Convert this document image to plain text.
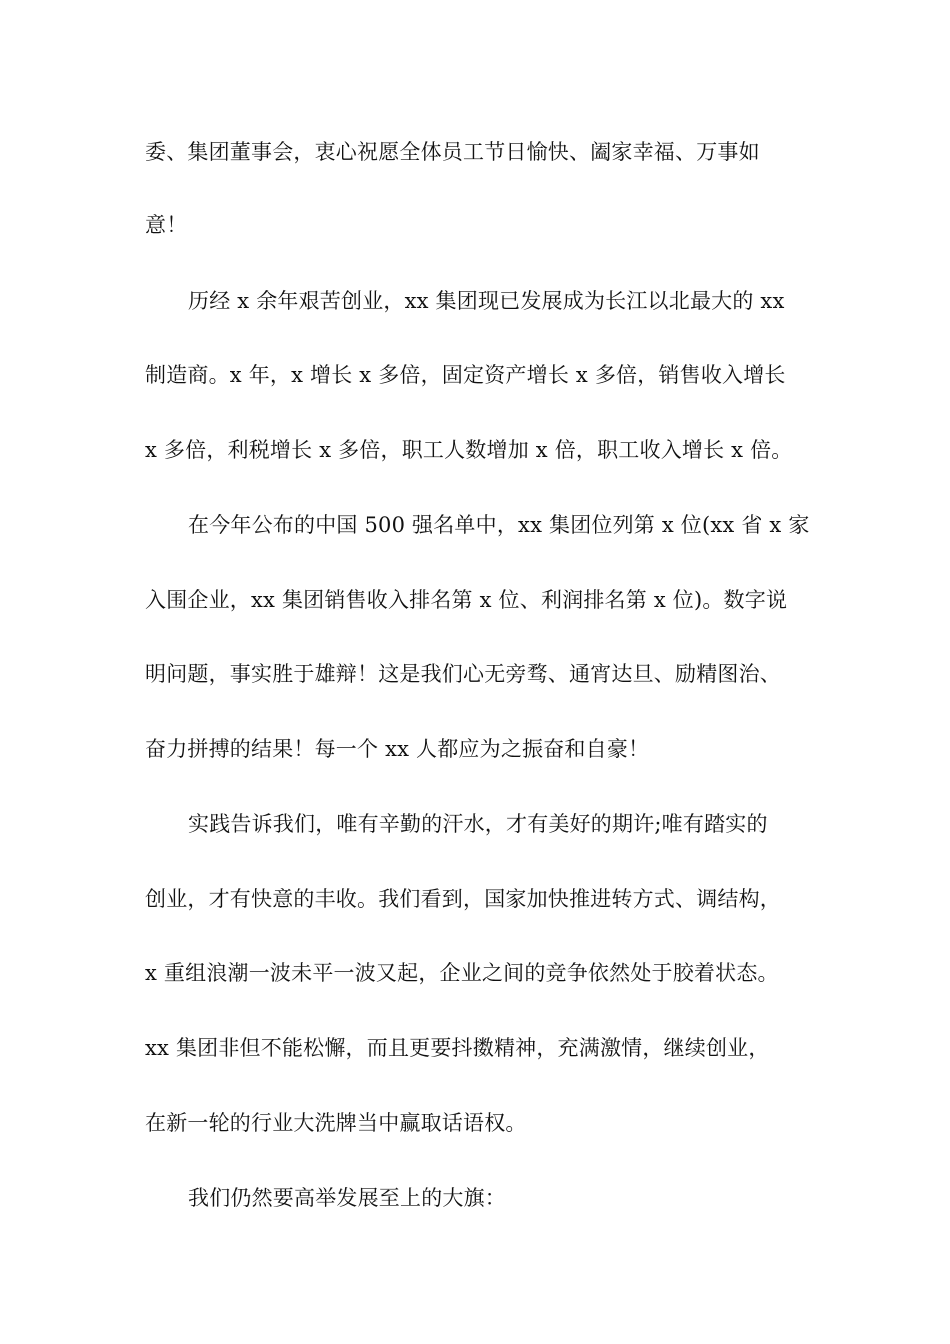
委、集团董事会，衷心祝愿全体员工节日愉快、阖家幸福、万事如
意！
历经 x 余年艰苦创业，xx 集团现已发展成为长江以北最大的 xx
制造商。x 年，x 增长 x 多倍，固定资产增长 x 多倍，销售收入增长
x 多倍，利税增长 x 多倍，职工人数增加 x 倍，职工收入增长 x 倍。
在今年公布的中国 500 强名单中，xx 集团位列第 x 位(xx 省 x 家
入围企业，xx 集团销售收入排名第 x 位、利润排名第 x 位)。数字说
明问题，事实胜于雄辩！这是我们心无旁骛、通宵达旦、励精图治、
奋力拼搏的结果！每一个 xx 人都应为之振奋和自豪！
实践告诉我们，唯有辛勤的汗水，才有美好的期许;唯有踏实的
创业，才有快意的丰收。我们看到，国家加快推进转方式、调结构，
x 重组浪潮一波未平一波又起，企业之间的竞争依然处于胶着状态。
xx 集团非但不能松懈，而且更要抖擞精神，充满激情，继续创业，
在新一轮的行业大洗牌当中赢取话语权。
我们仍然要高举发展至上的大旗：
